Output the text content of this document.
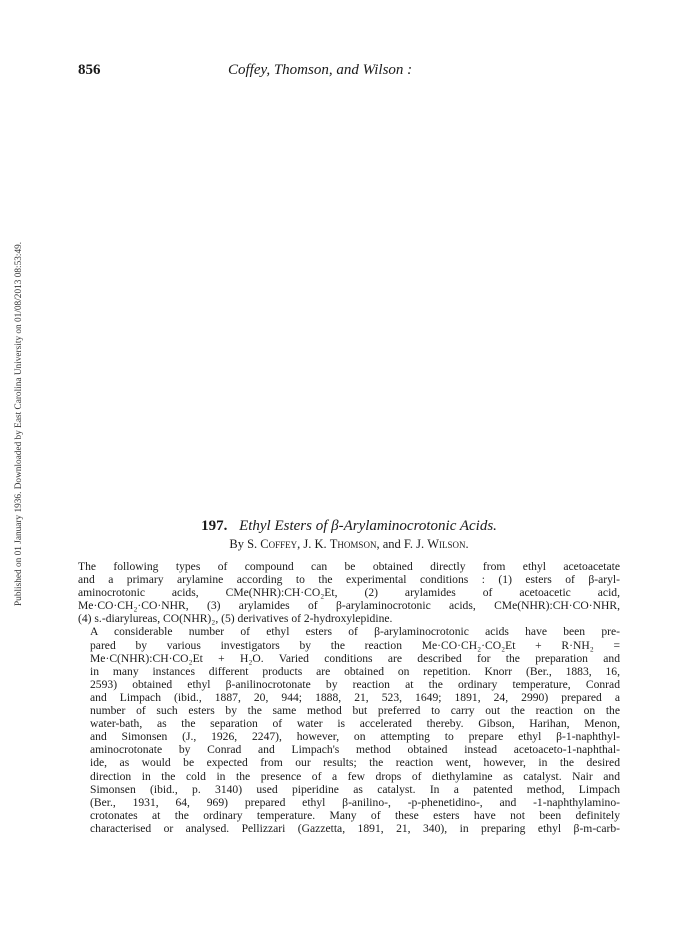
856	Coffey, Thomson, and Wilson :
Published on 01 January 1936. Downloaded by East Carolina University on 01/08/2013 08:53:49.	197. Ethyl Esters of β-Arylaminocrotonic Acids.
By S. Coffey, J. K. Thomson, and F. J. Wilson.

The following types of compound can be obtained directly from ethyl acetoacetate
and a primary arylamine according to the experimental conditions : (1) esters of β-aryl-
aminocrotonic acids, CMe(NHR):CH·CO₂Et, (2) arylamides of acetoacetic acid,
Me·CO·CH₂·CO·NHR, (3) arylamides of β-arylaminocrotonic acids, CMe(NHR):CH·CO·NHR,
(4) s.-diarylureas, CO(NHR)₂, (5) derivatives of 2-hydroxylepidine.

A considerable number of ethyl esters of β-arylaminocrotonic acids have been pre-
pared by various investigators by the reaction Me·CO·CH₂·CO₂Et + R·NH₂ =
Me·C(NHR):CH·CO₂Et + H₂O. Varied conditions are described for the preparation and
in many instances different products are obtained on repetition. Knorr (Ber., 1883, 16,
2593) obtained ethyl β-anilinocrotonate by reaction at the ordinary temperature, Conrad
and Limpach (ibid., 1887, 20, 944; 1888, 21, 523, 1649; 1891, 24, 2990) prepared a
number of such esters by the same method but preferred to carry out the reaction on the
water-bath, as the separation of water is accelerated thereby. Gibson, Harihan, Menon,
and Simonsen (J., 1926, 2247), however, on attempting to prepare ethyl β-1-naphthyl-
aminocrotonate by Conrad and Limpach's method obtained instead acetoaceto-1-naphthal-
ide, as would be expected from our results; the reaction went, however, in the desired
direction in the cold in the presence of a few drops of diethylamine as catalyst. Nair and
Simonsen (ibid., p. 3140) used piperidine as catalyst. In a patented method, Limpach
(Ber., 1931, 64, 969) prepared ethyl β-anilino-, -p-phenetidino-, and -1-naphthylamino-
crotonates at the ordinary temperature. Many of these esters have not been definitely
characterised or analysed. Pellizzari (Gazzetta, 1891, 21, 340), in preparing ethyl β-m-carb-
